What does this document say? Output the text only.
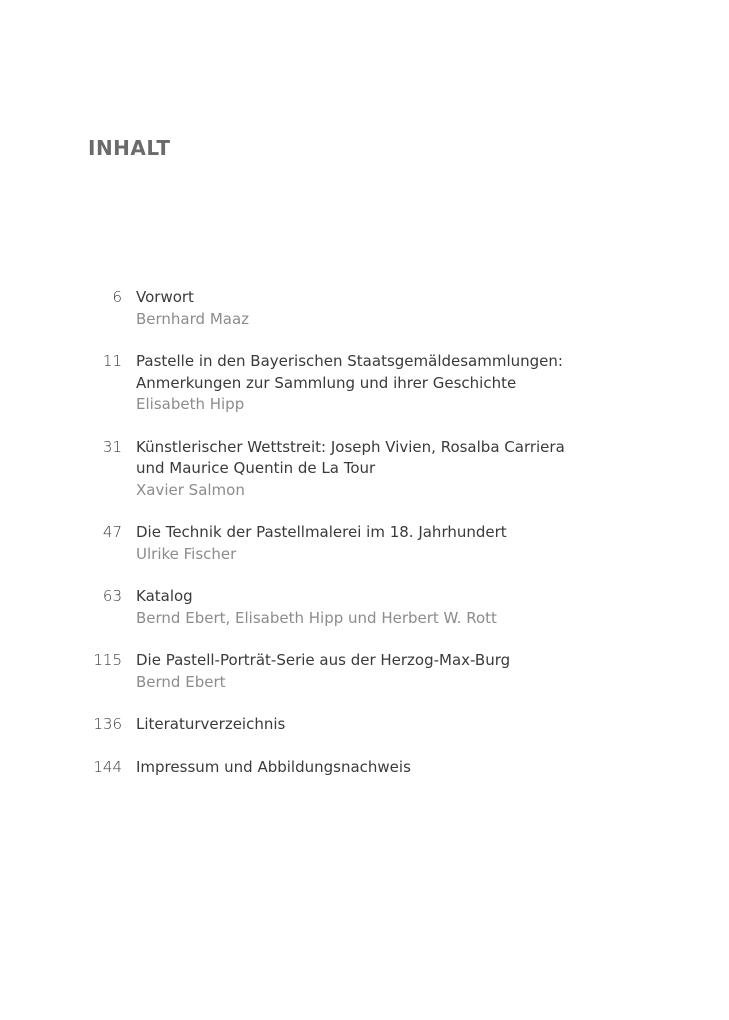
INHALT
6 Vorwort
Bernhard Maaz
11 Pastelle in den Bayerischen Staatsgemäldesammlungen:
Anmerkungen zur Sammlung und ihrer Geschichte
Elisabeth Hipp
31 Künstlerischer Wettstreit: Joseph Vivien, Rosalba Carriera
und Maurice Quentin de La Tour
Xavier Salmon
47 Die Technik der Pastellmalerei im 18. Jahrhundert
Ulrike Fischer
63 Katalog
Bernd Ebert, Elisabeth Hipp und Herbert W. Rott
115 Die Pastell-Porträt-Serie aus der Herzog-Max-Burg
Bernd Ebert
136 Literaturverzeichnis
144 Impressum und Abbildungsnachweis
